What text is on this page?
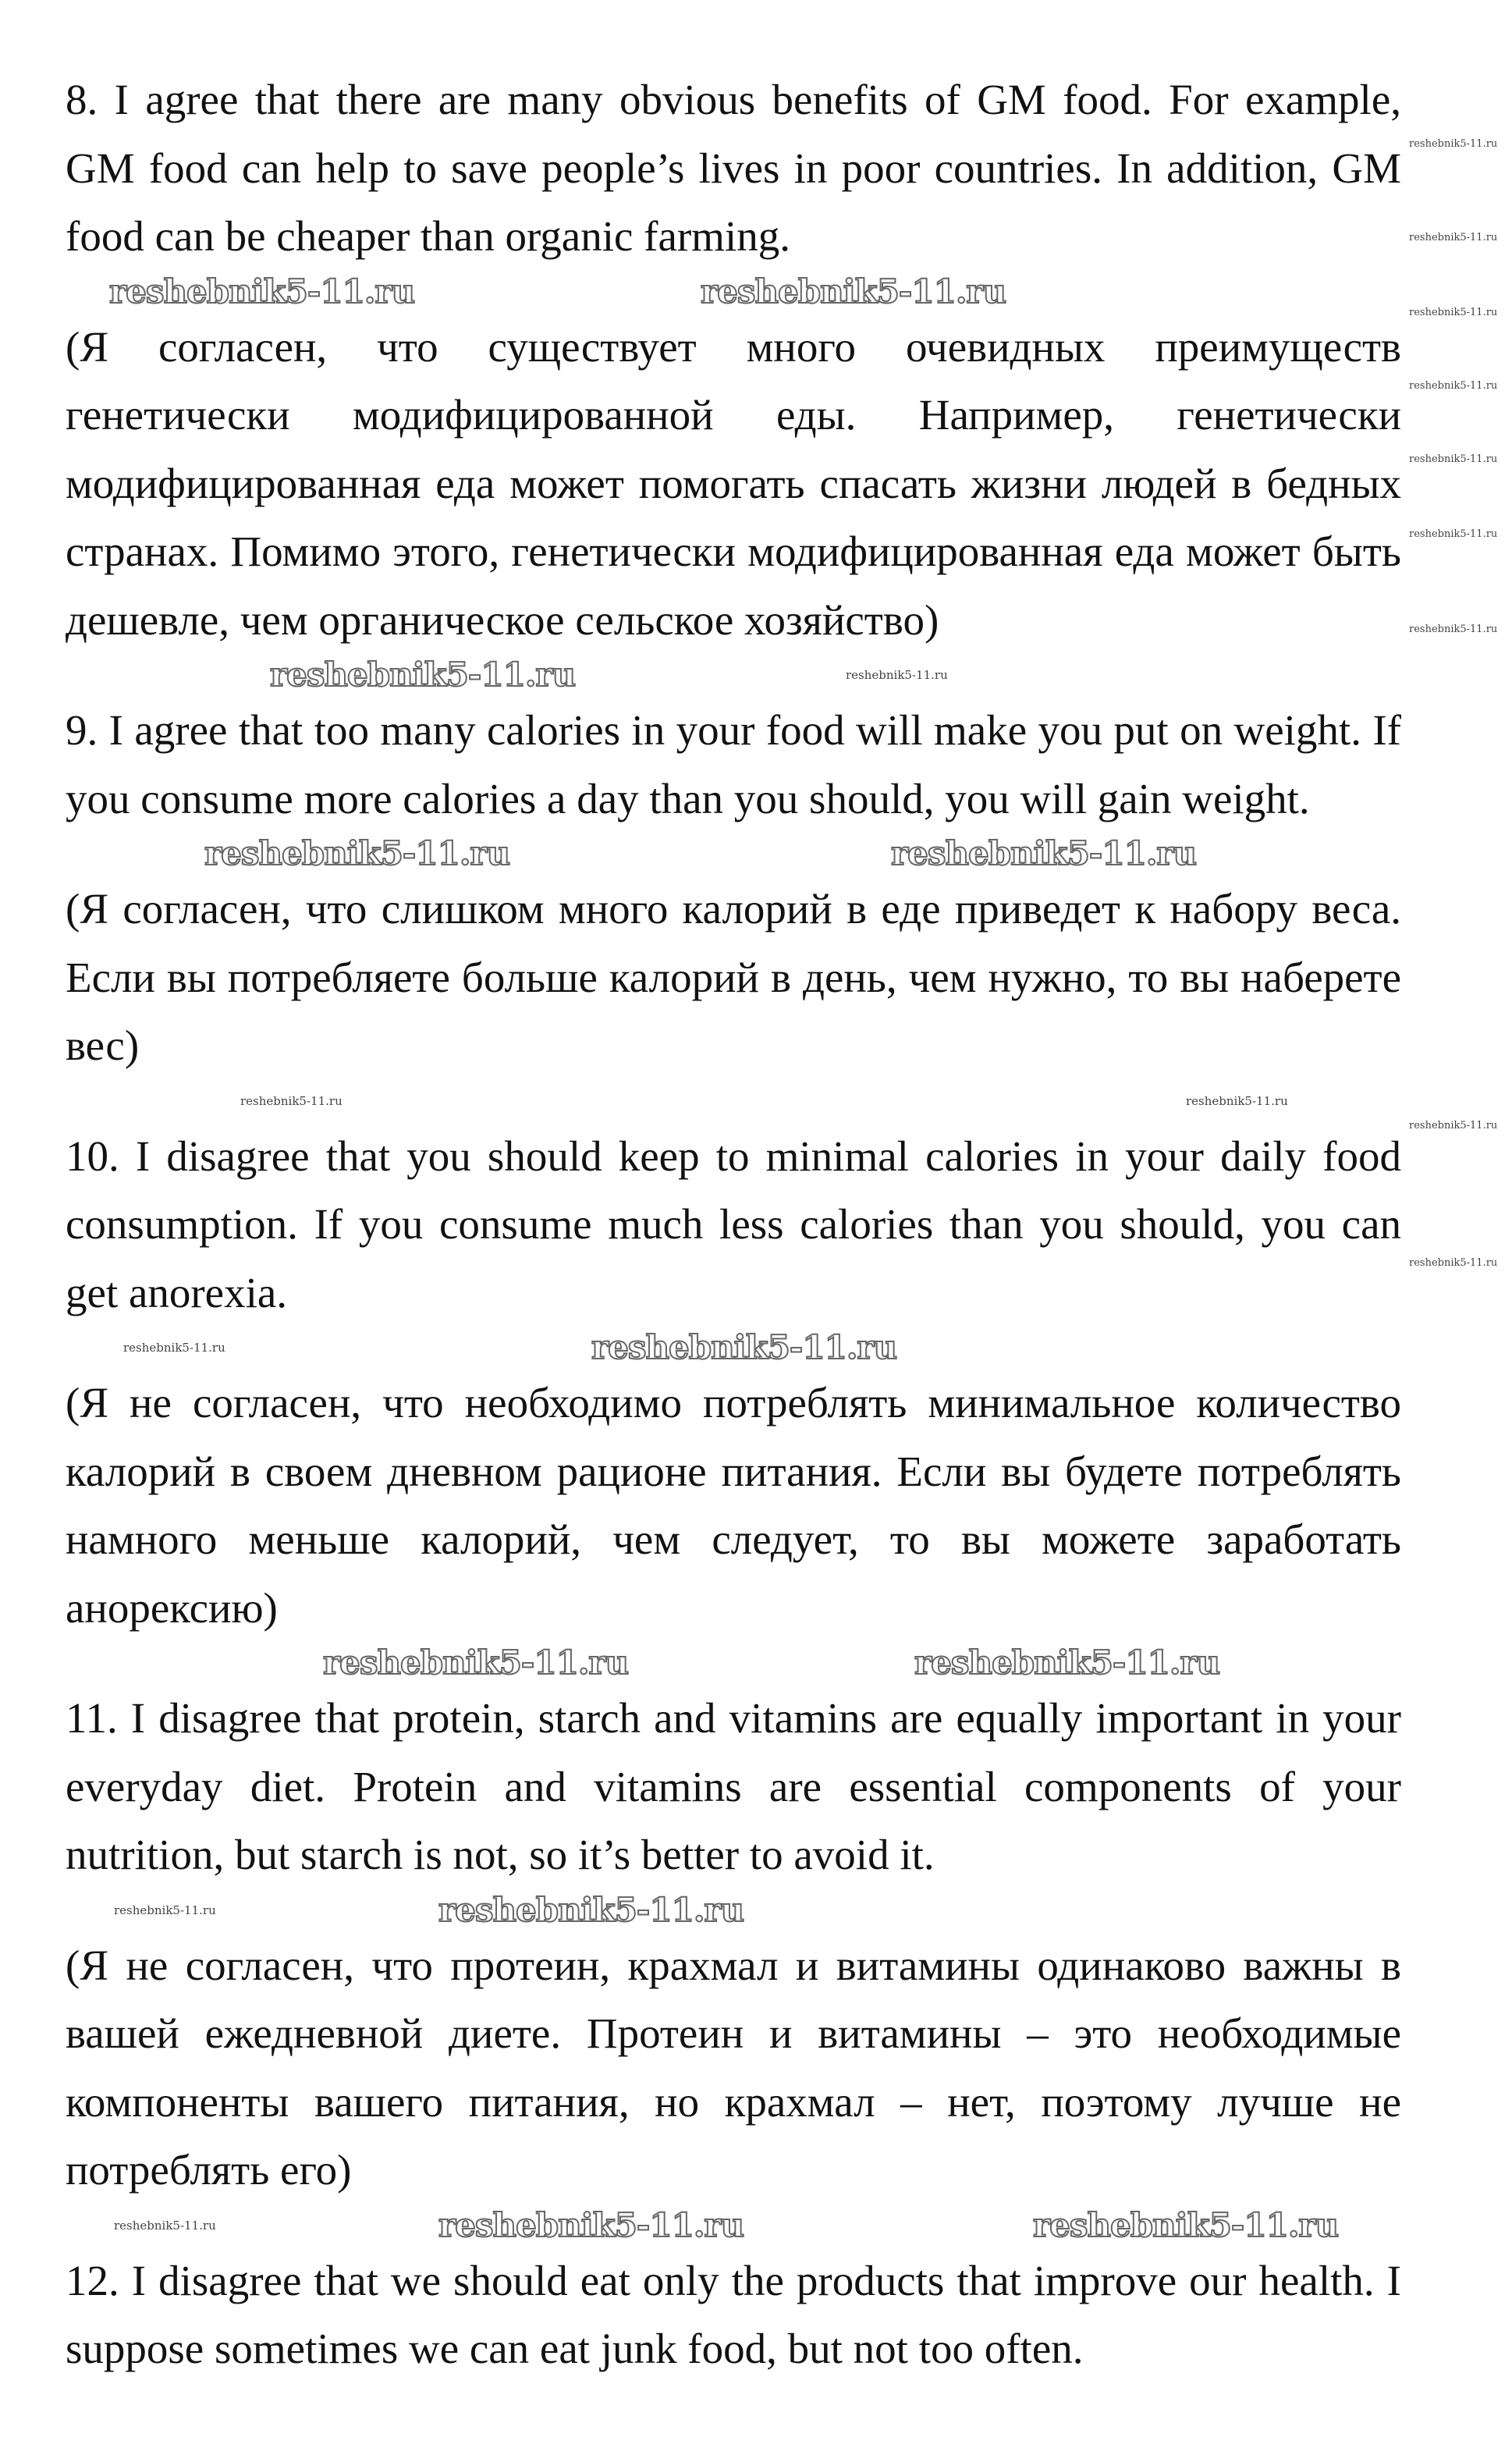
8. I agree that there are many obvious benefits of GM food. For example, GM food can help to save people’s lives in poor countries. In addition, GM food can be cheaper than organic farming.

reshebnik5-11.ru	reshebnik5-11.ru

(Я согласен, что существует много очевидных преимуществ генетически модифицированной еды. Например, генетически модифицированная еда может помогать спасать жизни людей в бедных странах. Помимо этого, генетически модифицированная еда может быть дешевле, чем органическое сельское хозяйство)

reshebnik5-11.ru	reshebnik5-11.ru

9. I agree that too many calories in your food will make you put on weight. If you consume more calories a day than you should, you will gain weight.

reshebnik5-11.ru	reshebnik5-11.ru

(Я согласен, что слишком много калорий в еде приведет к набору веса. Если вы потребляете больше калорий в день, чем нужно, то вы наберете вес)

reshebnik5-11.ru	reshebnik5-11.ru

10. I disagree that you should keep to minimal calories in your daily food consumption. If you consume much less calories than you should, you can get anorexia.

reshebnik5-11.ru
reshebnik5-11.ru

(Я не согласен, что необходимо потреблять минимальное количество калорий в своем дневном рационе питания. Если вы будете потреблять намного меньше калорий, чем следует, то вы можете заработать анорексию)

reshebnik5-11.ru	reshebnik5-11.ru

11. I disagree that protein, starch and vitamins are equally important in your everyday diet. Protein and vitamins are essential components of your nutrition, but starch is not, so it’s better to avoid it.

reshebnik5-11.ru
reshebnik5-11.ru

(Я не согласен, что протеин, крахмал и витамины одинаково важны в вашей ежедневной диете. Протеин и витамины – это необходимые компоненты вашего питания, но крахмал – нет, поэтому лучше не потреблять его)

reshebnik5-11.ru	reshebnik5-11.ru
reshebnik5-11.ru

12. I disagree that we should eat only the products that improve our health. I suppose sometimes we can eat junk food, but not too often.

reshebnik5-11.ru
reshebnik5-11.ru
reshebnik5-11.ru
reshebnik5-11.ru
reshebnik5-11.ru
reshebnik5-11.ru
reshebnik5-11.ru
reshebnik5-11.ru
reshebnik5-11.ru
